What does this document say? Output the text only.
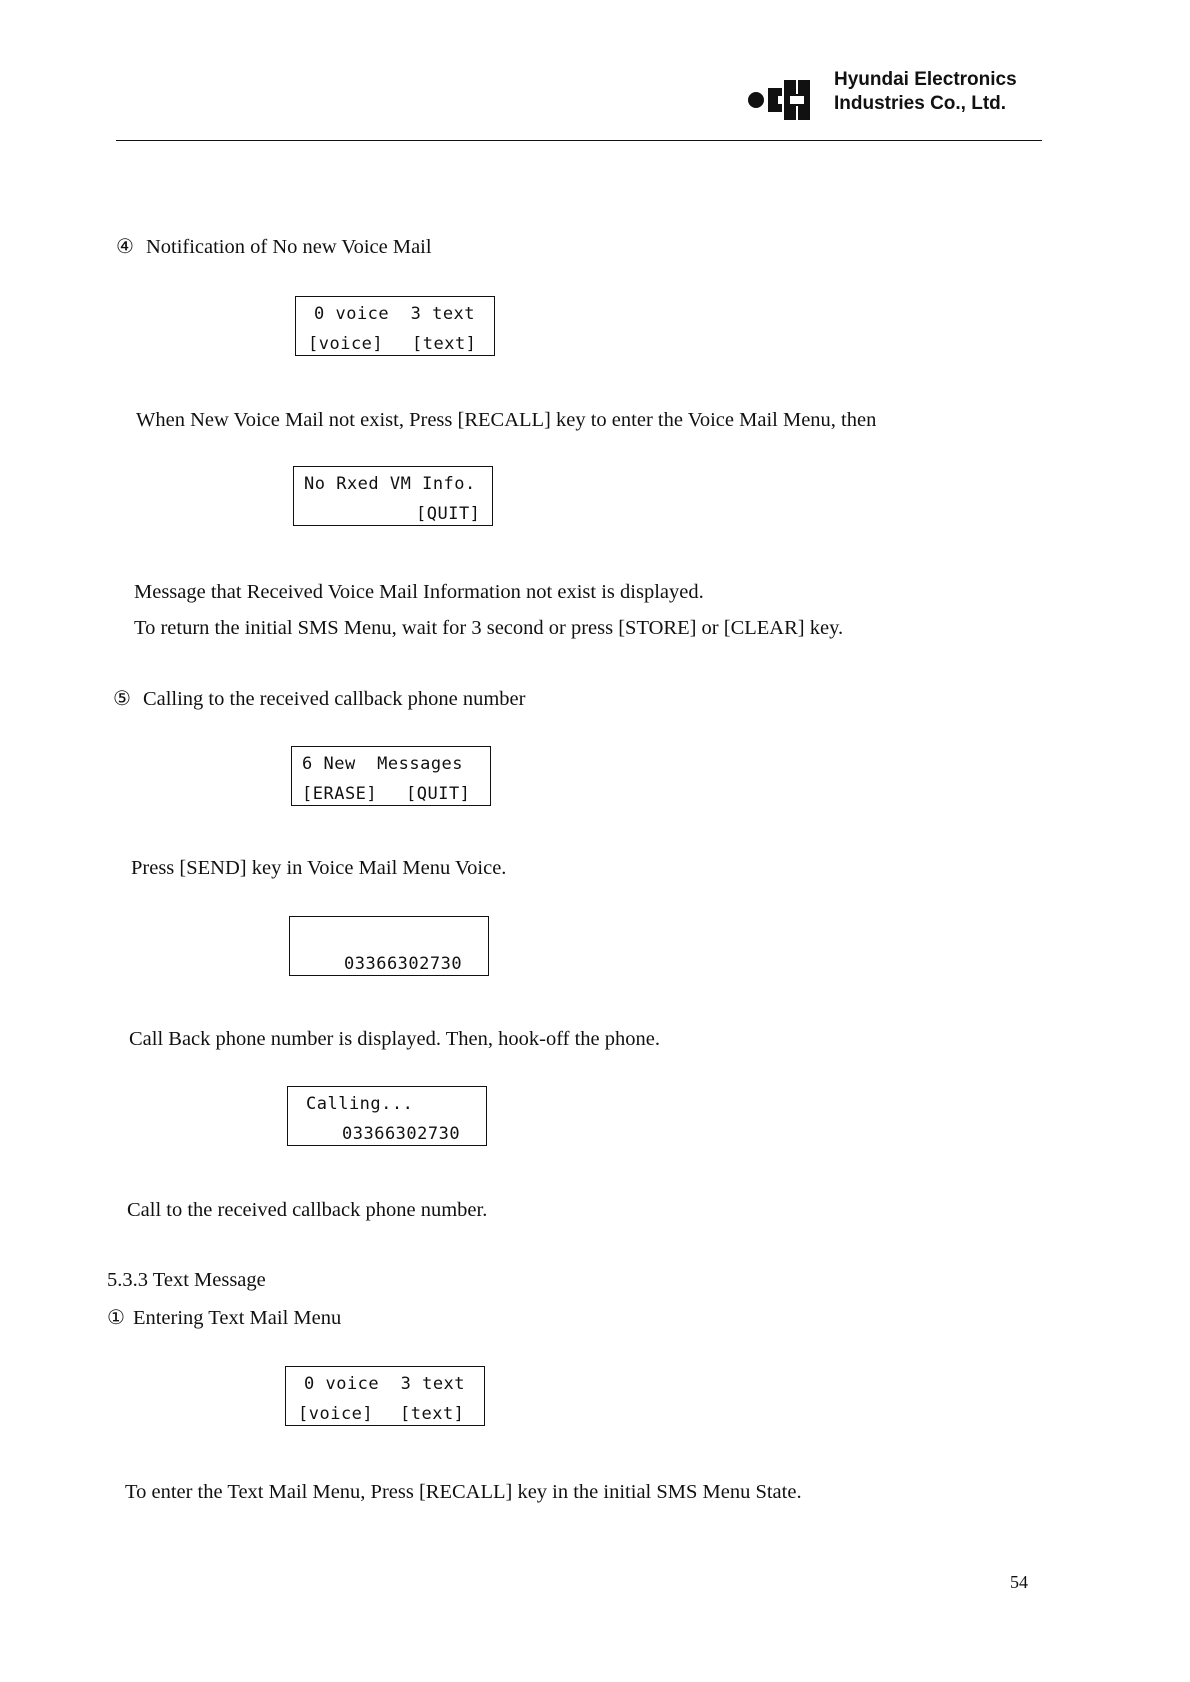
Hyundai Electronics
Industries Co., Ltd.
④ Notification of No new Voice Mail
0 voice  3 text
[voice] [text]
When New Voice Mail not exist, Press [RECALL] key to enter the Voice Mail Menu, then
No Rxed VM Info.
[QUIT]
Message that Received Voice Mail Information not exist is displayed.
To return the initial SMS Menu, wait for 3 second or press [STORE] or [CLEAR] key.
⑤ Calling to the received callback phone number
6 New  Messages
[ERASE] [QUIT]
Press [SEND] key in Voice Mail Menu Voice.
03366302730
Call Back phone number is displayed. Then, hook-off the phone.
Calling...
03366302730
Call to the received callback phone number.
5.3.3 Text Message
① Entering Text Mail Menu
0 voice  3 text
[voice] [text]
To enter the Text Mail Menu, Press [RECALL] key in the initial SMS Menu State.
54
